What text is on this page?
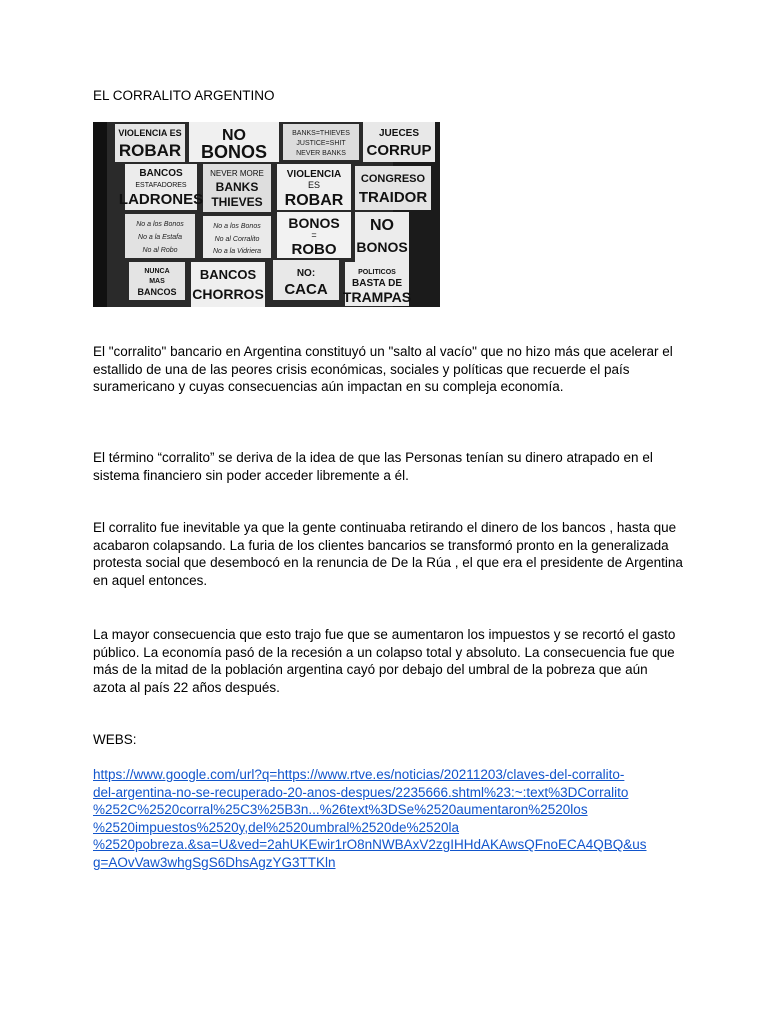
EL CORRALITO ARGENTINO
VIOLENCIA ES
ROBAR
NO
BONOS
BANKS=THIEVES
JUSTICE=SHIT
NEVER BANKS
JUECES
CORRUP
BANCOS
ESTAFADORES
LADRONES
NEVER MORE
BANKS
THIEVES
VIOLENCIA
ES
ROBAR
CONGRESO
TRAIDOR
No a los Bonos
No a la Estafa
No al Robo
No a los Bonos
No al Corralito
No a la Vidriera
BONOS
=
ROBO
NO
BONOS
NUNCA
MAS
BANCOS
BANCOS
CHORROS
NO:
CACA
POLITICOS
BASTA DE
TRAMPAS

El "corralito" bancario en Argentina constituyó un "salto al vacío" que no hizo más que acelerar el estallido de una de las peores crisis económicas, sociales y políticas que recuerde el país suramericano y cuyas consecuencias aún impactan en su compleja economía.

El término “corralito” se deriva de la idea de que las Personas tenían su dinero atrapado en el sistema financiero sin poder acceder libremente a él.

El corralito fue inevitable ya que la gente continuaba retirando el dinero de los bancos , hasta que acabaron colapsando. La furia de los clientes bancarios se transformó pronto en la generalizada protesta social que desembocó en la renuncia de De la Rúa , el que era el presidente de Argentina en aquel entonces.

La mayor consecuencia que esto trajo fue que se aumentaron los impuestos y se recortó el gasto público. La economía pasó de la recesión a un colapso total y absoluto. La consecuencia fue que más de la mitad de la población argentina cayó por debajo del umbral de la pobreza que aún azota al país 22 años después.

WEBS:

https://www.google.com/url?q=https://www.rtve.es/noticias/20211203/claves-del-corralito-
del-argentina-no-se-recuperado-20-anos-despues/2235666.shtml%23:~:text%3DCorralito
%252C%2520corral%25C3%25B3n...%26text%3DSe%2520aumentaron%2520los
%2520impuestos%2520y,del%2520umbral%2520de%2520la
%2520pobreza.&sa=U&ved=2ahUKEwir1rO8nNWBAxV2zgIHHdAKAwsQFnoECA4QBQ&us
g=AOvVaw3whgSgS6DhsAgzYG3TTKln
